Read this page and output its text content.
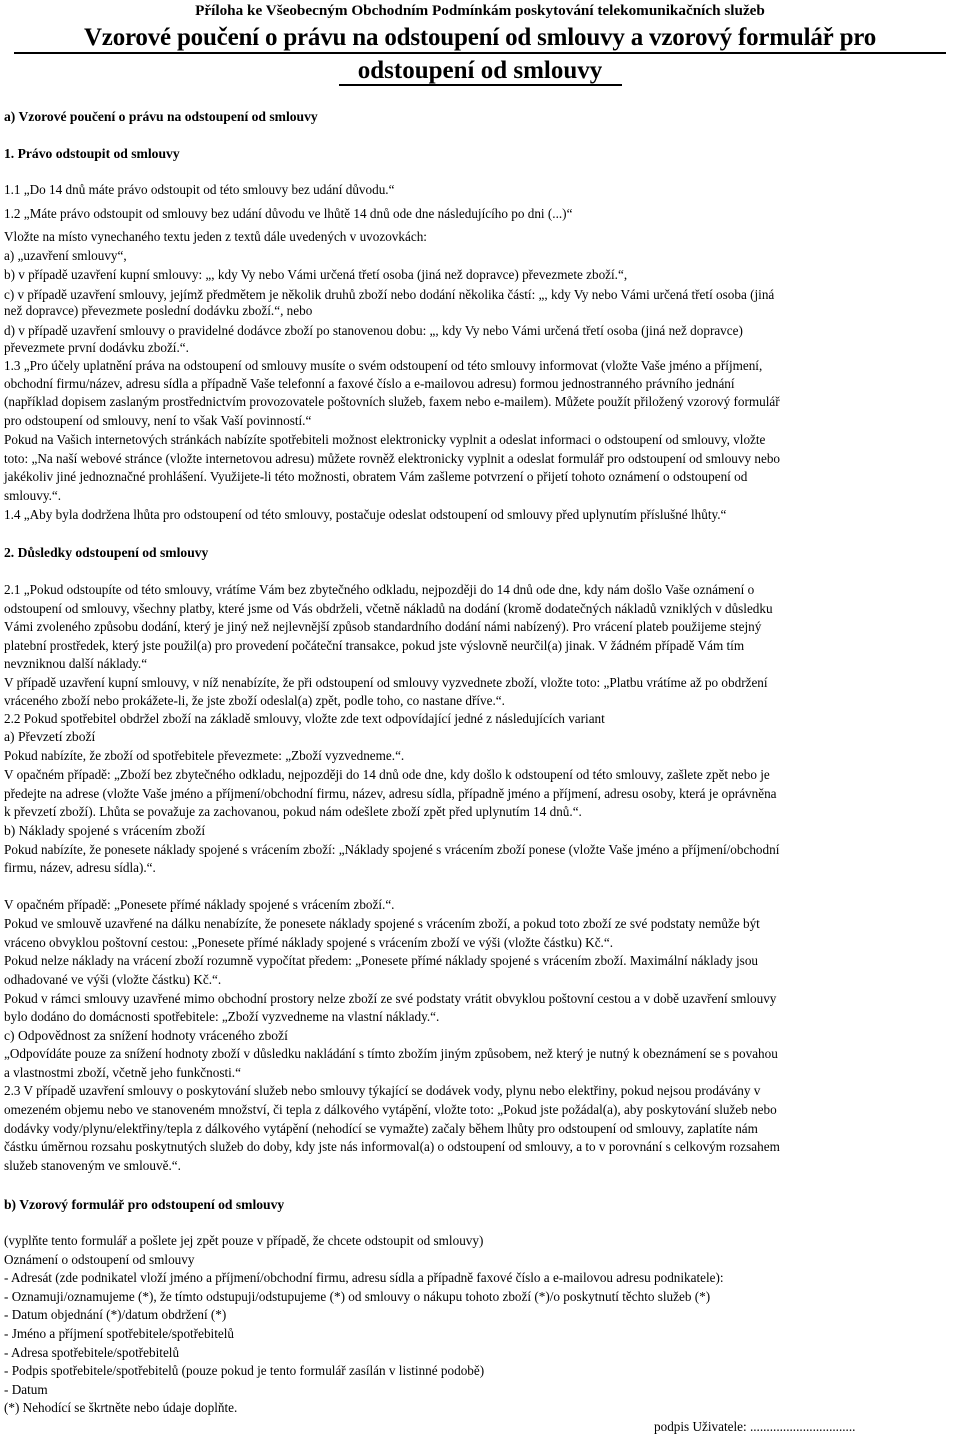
Příloha ke Všeobecným Obchodním Podmínkám poskytování telekomunikačních služeb
Vzorové poučení o právu na odstoupení od smlouvy a vzorový formulář pro
odstoupení od smlouvy
a) Vzorové poučení o právu na odstoupení od smlouvy
1. Právo odstoupit od smlouvy
1.1 „Do 14 dnů máte právo odstoupit od této smlouvy bez udání důvodu.“
1.2 „Máte právo odstoupit od smlouvy bez udání důvodu ve lhůtě 14 dnů ode dne následujícího po dni (...)“
Vložte na místo vynechaného textu jeden z textů dále uvedených v uvozovkách:
a) „uzavření smlouvy“,
b) v případě uzavření kupní smlouvy: „, kdy Vy nebo Vámi určená třetí osoba (jiná než dopravce) převezmete zboží.“,
c) v případě uzavření smlouvy, jejímž předmětem je několik druhů zboží nebo dodání několika částí: „, kdy Vy nebo Vámi určená třetí osoba (jiná
než dopravce) převezmete poslední dodávku zboží.“, nebo
d) v případě uzavření smlouvy o pravidelné dodávce zboží po stanovenou dobu: „, kdy Vy nebo Vámi určená třetí osoba (jiná než dopravce)
převezmete první dodávku zboží.“.
1.3 „Pro účely uplatnění práva na odstoupení od smlouvy musíte o svém odstoupení od této smlouvy informovat (vložte Vaše jméno a příjmení,
obchodní firmu/název, adresu sídla a případně Vaše telefonní a faxové číslo a e-mailovou adresu) formou jednostranného právního jednání
(například dopisem zaslaným prostřednictvím provozovatele poštovních služeb, faxem nebo e-mailem). Můžete použít přiložený vzorový formulář
pro odstoupení od smlouvy, není to však Vaší povinností.“
Pokud na Vašich internetových stránkách nabízíte spotřebiteli možnost elektronicky vyplnit a odeslat informaci o odstoupení od smlouvy, vložte
toto: „Na naší webové stránce (vložte internetovou adresu) můžete rovněž elektronicky vyplnit a odeslat formulář pro odstoupení od smlouvy nebo
jakékoliv jiné jednoznačné prohlášení. Využijete-li této možnosti, obratem Vám zašleme potvrzení o přijetí tohoto oznámení o odstoupení od
smlouvy.“.
1.4 „Aby byla dodržena lhůta pro odstoupení od této smlouvy, postačuje odeslat odstoupení od smlouvy před uplynutím příslušné lhůty.“
2. Důsledky odstoupení od smlouvy
2.1 „Pokud odstoupíte od této smlouvy, vrátíme Vám bez zbytečného odkladu, nejpozději do 14 dnů ode dne, kdy nám došlo Vaše oznámení o
odstoupení od smlouvy, všechny platby, které jsme od Vás obdrželi, včetně nákladů na dodání (kromě dodatečných nákladů vzniklých v důsledku
Vámi zvoleného způsobu dodání, který je jiný než nejlevnější způsob standardního dodání námi nabízený). Pro vrácení plateb použijeme stejný
platební prostředek, který jste použil(a) pro provedení počáteční transakce, pokud jste výslovně neurčil(a) jinak. V žádném případě Vám tím
nevzniknou další náklady.“
V případě uzavření kupní smlouvy, v níž nenabízíte, že při odstoupení od smlouvy vyzvednete zboží, vložte toto: „Platbu vrátíme až po obdržení
vráceného zboží nebo prokážete-li, že jste zboží odeslal(a) zpět, podle toho, co nastane dříve.“.
2.2 Pokud spotřebitel obdržel zboží na základě smlouvy, vložte zde text odpovídající jedné z následujících variant
a) Převzetí zboží
Pokud nabízíte, že zboží od spotřebitele převezmete: „Zboží vyzvedneme.“.
V opačném případě: „Zboží bez zbytečného odkladu, nejpozději do 14 dnů ode dne, kdy došlo k odstoupení od této smlouvy, zašlete zpět nebo je
předejte na adrese (vložte Vaše jméno a příjmení/obchodní firmu, název, adresu sídla, případně jméno a příjmení, adresu osoby, která je oprávněna
k převzetí zboží). Lhůta se považuje za zachovanou, pokud nám odešlete zboží zpět před uplynutím 14 dnů.“.
b) Náklady spojené s vrácením zboží
Pokud nabízíte, že ponesete náklady spojené s vrácením zboží: „Náklady spojené s vrácením zboží ponese (vložte Vaše jméno a příjmení/obchodní
firmu, název, adresu sídla).“.
V opačném případě: „Ponesete přímé náklady spojené s vrácením zboží.“.
Pokud ve smlouvě uzavřené na dálku nenabízíte, že ponesete náklady spojené s vrácením zboží, a pokud toto zboží ze své podstaty nemůže být
vráceno obvyklou poštovní cestou: „Ponesete přímé náklady spojené s vrácením zboží ve výši (vložte částku) Kč.“.
Pokud nelze náklady na vrácení zboží rozumně vypočítat předem: „Ponesete přímé náklady spojené s vrácením zboží. Maximální náklady jsou
odhadované ve výši (vložte částku) Kč.“.
Pokud v rámci smlouvy uzavřené mimo obchodní prostory nelze zboží ze své podstaty vrátit obvyklou poštovní cestou a v době uzavření smlouvy
bylo dodáno do domácnosti spotřebitele: „Zboží vyzvedneme na vlastní náklady.“.
c) Odpovědnost za snížení hodnoty vráceného zboží
„Odpovídáte pouze za snížení hodnoty zboží v důsledku nakládání s tímto zbožím jiným způsobem, než který je nutný k obeznámení se s povahou
a vlastnostmi zboží, včetně jeho funkčnosti.“
2.3 V případě uzavření smlouvy o poskytování služeb nebo smlouvy týkající se dodávek vody, plynu nebo elektřiny, pokud nejsou prodávány v
omezeném objemu nebo ve stanoveném množství, či tepla z dálkového vytápění, vložte toto: „Pokud jste požádal(a), aby poskytování služeb nebo
dodávky vody/plynu/elektřiny/tepla z dálkového vytápění (nehodící se vymažte) začaly během lhůty pro odstoupení od smlouvy, zaplatíte nám
částku úměrnou rozsahu poskytnutých služeb do doby, kdy jste nás informoval(a) o odstoupení od smlouvy, a to v porovnání s celkovým rozsahem
služeb stanoveným ve smlouvě.“.
b) Vzorový formulář pro odstoupení od smlouvy
(vyplňte tento formulář a pošlete jej zpět pouze v případě, že chcete odstoupit od smlouvy)
Oznámení o odstoupení od smlouvy
- Adresát (zde podnikatel vloží jméno a příjmení/obchodní firmu, adresu sídla a případně faxové číslo a e-mailovou adresu podnikatele):
- Oznamuji/oznamujeme (*), že tímto odstupuji/odstupujeme (*) od smlouvy o nákupu tohoto zboží (*)/o poskytnutí těchto služeb (*)
- Datum objednání (*)/datum obdržení (*)
- Jméno a příjmení spotřebitele/spotřebitelů
- Adresa spotřebitele/spotřebitelů
- Podpis spotřebitele/spotřebitelů (pouze pokud je tento formulář zasílán v listinné podobě)
- Datum
(*) Nehodící se škrtněte nebo údaje doplňte.
podpis Uživatele: ................................
